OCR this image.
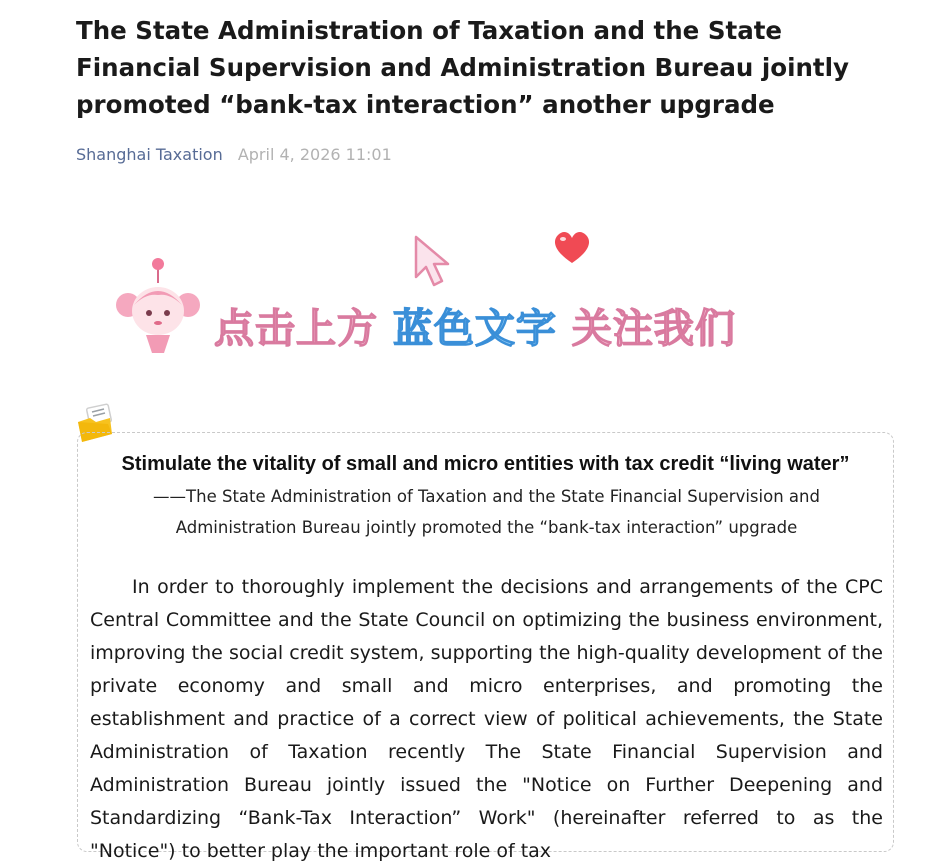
The State Administration of Taxation and the State Financial Supervision and Administration Bureau jointly promoted “bank-tax interaction” another upgrade
Shanghai Taxation April 4, 2026 11:01
点击上方 蓝色文字 关注我们
Stimulate the vitality of small and micro entities with tax credit “living water”
——The State Administration of Taxation and the State Financial Supervision and Administration Bureau jointly promoted the “bank-tax interaction” upgrade

In order to thoroughly implement the decisions and arrangements of the CPC Central Committee and the State Council on optimizing the business environment, improving the social credit system, supporting the high-quality development of the private economy and small and micro enterprises, and promoting the establishment and practice of a correct view of political achievements, the State Administration of Taxation recently The State Financial Supervision and Administration Bureau jointly issued the "Notice on Further Deepening and Standardizing “Bank-Tax Interaction” Work" (hereinafter referred to as the "Notice") to better play the important role of tax
